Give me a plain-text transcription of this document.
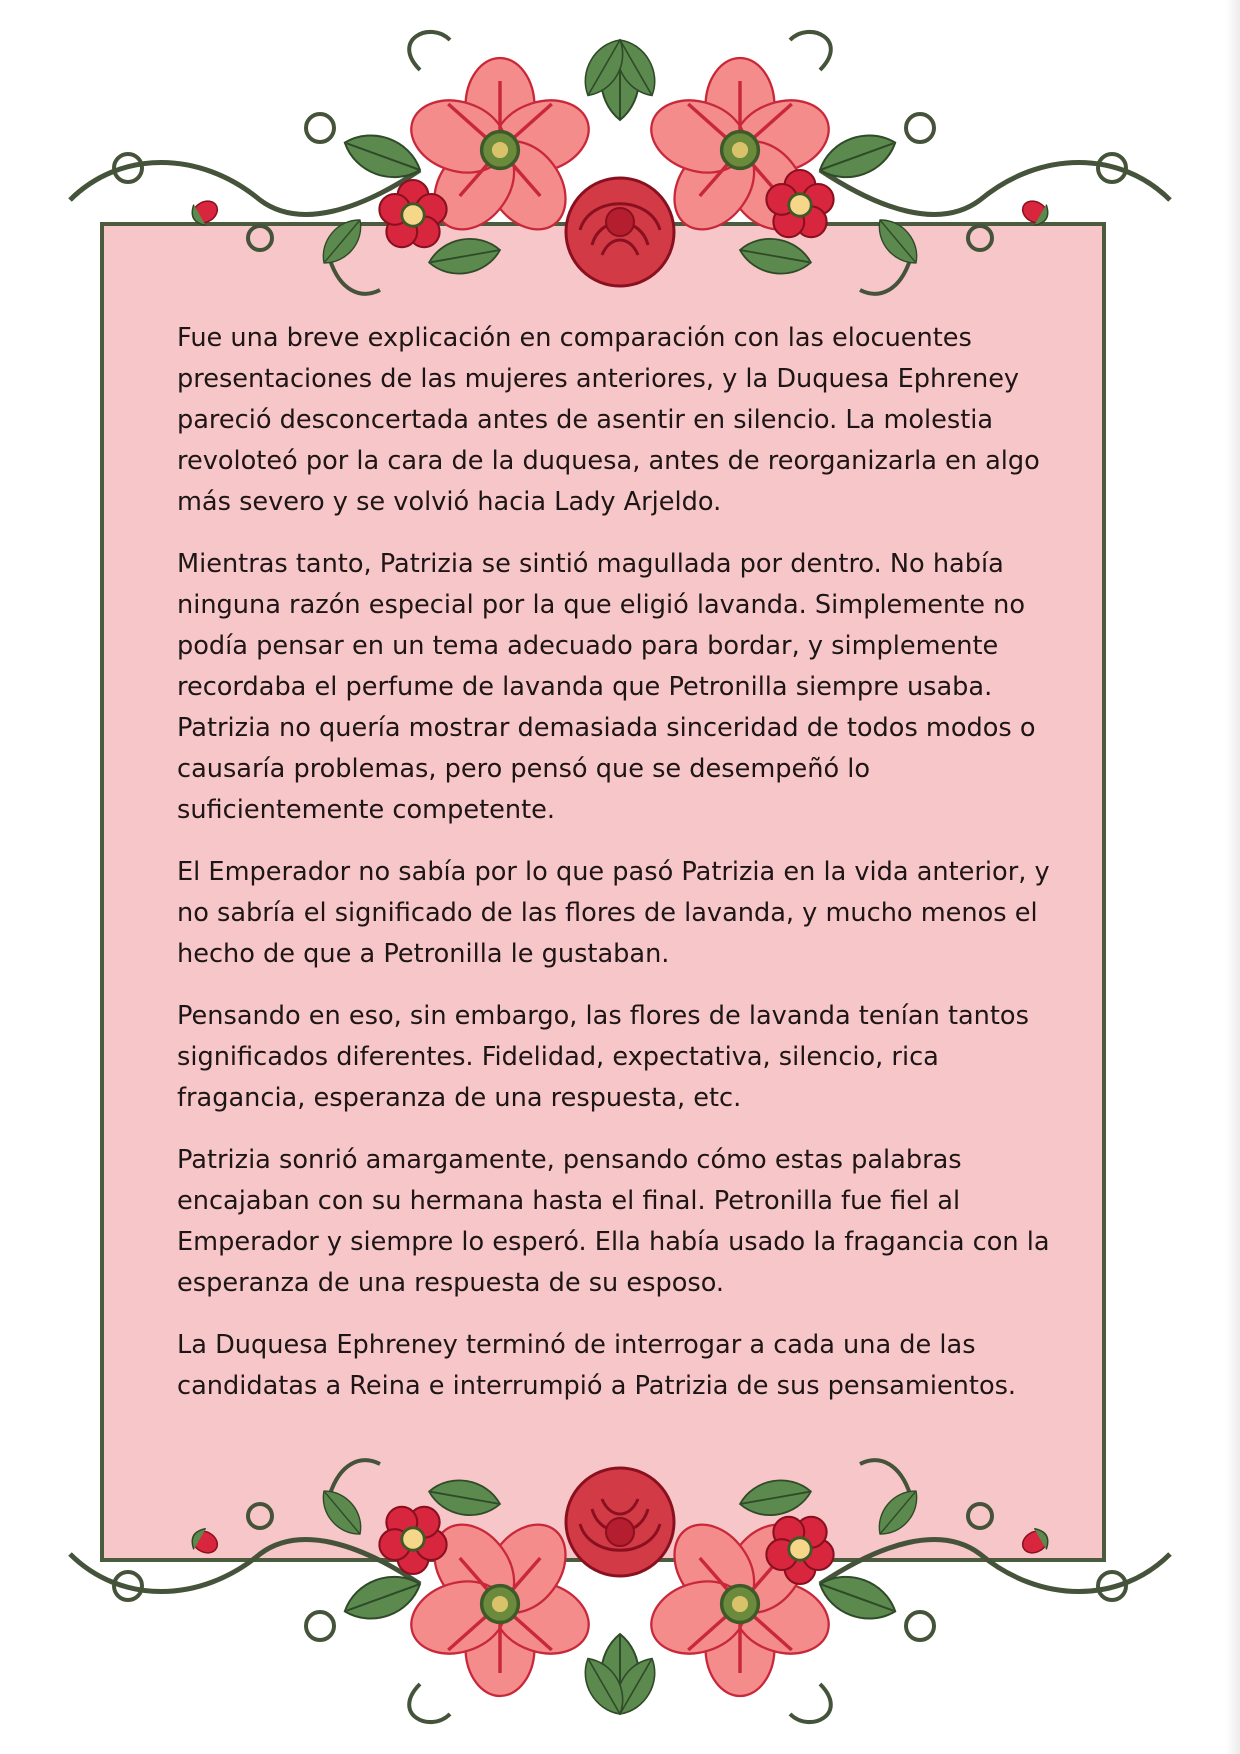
Fue una breve explicación en comparación con las elocuentes presentaciones de las mujeres anteriores, y la Duquesa Ephreney pareció desconcertada antes de asentir en silencio. La molestia revoloteó por la cara de la duquesa, antes de reorganizarla en algo más severo y se volvió hacia Lady Arjeldo.

Mientras tanto, Patrizia se sintió magullada por dentro. No había ninguna razón especial por la que eligió lavanda. Simplemente no podía pensar en un tema adecuado para bordar, y simplemente recordaba el perfume de lavanda que Petronilla siempre usaba. Patrizia no quería mostrar demasiada sinceridad de todos modos o causaría problemas, pero pensó que se desempeñó lo suficientemente competente.

El Emperador no sabía por lo que pasó Patrizia en la vida anterior, y no sabría el significado de las flores de lavanda, y mucho menos el hecho de que a Petronilla le gustaban.

Pensando en eso, sin embargo, las flores de lavanda tenían tantos significados diferentes. Fidelidad, expectativa, silencio, rica fragancia, esperanza de una respuesta, etc.

Patrizia sonrió amargamente, pensando cómo estas palabras encajaban con su hermana hasta el final. Petronilla fue fiel al Emperador y siempre lo esperó. Ella había usado la fragancia con la esperanza de una respuesta de su esposo.

La Duquesa Ephreney terminó de interrogar a cada una de las candidatas a Reina e interrumpió a Patrizia de sus pensamientos.
